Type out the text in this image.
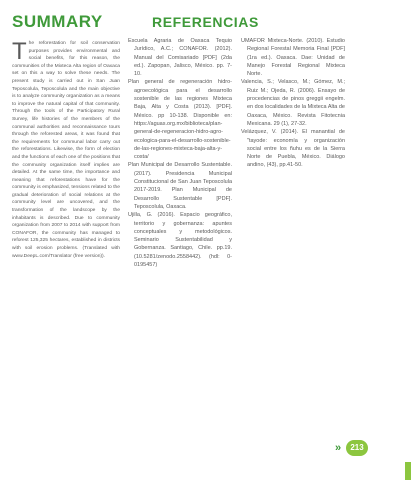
SUMMARY

The reforestation for soil conservation purposes provides environmental and social benefits, for this reason, the communities of the Mixteca Alta region of Oaxaca set on this a way to solve these needs. The present study is carried out in San Juan Teposcolula, Teposcolula and the main objective is to analyze community organization as a means to improve the natural capital of that community. Through the tools of the Participatory Rural Survey, life histories of the members of the communal authorities and reconnaissance tours through the reforested areas, it was found that the requirements for communal labor carry out the reforestations. Likewise, the form of election and the functions of each one of the positions that the community organization itself implies are detailed. At the same time, the importance and meaning that reforestations have for the community is emphasized, tensions related to the gradual deterioration of social relations at the community level are uncovered, and the transformation of the landscope by the inhabitants is described. Due to community organization from 2007 to 2014 with support from CONAFOR, the community has managed to reforest 125,325 hectares, established in districts with soil erosion problems. (Translated with www.DeepL.com/Translator (free version)).

REFERENCIAS

Escuela Agraria de Oaxaca Tequio Jurídico, A.C.; CONAFOR. (2012). Manual del Comisariado [PDF] (2da ed.). Zapopan, Jalisco, México. pp. 7-10.

Plan general de regeneración hidro-agroecológica para el desarrollo sostenible de las regiones Mixteca Baja, Alta y Costa (2013). [PDF]. México. pp 10-138. Disponible en: https://aguas.org.mx/biblioteca/plan-general-de-regeneracion-hidro-agro-ecologica-para-el-desarrollo-sostenible-de-las-regiones-mixteca-baja-alta-y-costa/

Plan Municipal de Desarrollo Sustentable. (2017). Presidencia Municipal Constitucional de San Juan Teposcolula 2017-2019. Plan Municipal de Desarrollo Sustentable [PDF]. Teposcolula, Oaxaca.

Ujilla, G. (2016). Espacio geográfico, territorio y gobernanza: apuntes conceptuales y metodológicos. Seminario Sustentabilidad y Gobernanza. Santiago, Chile. pp.19. (10.5281/zenodo.2558442). (hdl: 0-0195457)

UMAFOR Mixteca-Norte. (2010). Estudio Regional Forestal Memoria Final [PDF] (1ra ed.). Oaxaca. Dae: Unidad de Manejo Forestal Regional Mixteca Norte.

Valencia, S.; Velasco, M.; Gómez, M.; Ruiz M.; Ojeda, R. (2006). Ensayo de procedencias de pinos greggii engelm. en dos localidades de la Mixteca Alta de Oaxaca, México. Revista Fitotecnia Mexicana. 29 (1), 27-32.

Velázquez, V. (2014). El manantial de "tayode: economía y organización social entre los ñuhu es de la Sierra Norte de Puebla, México. Diálogo andino, (43), pp.41-50.

»	213
